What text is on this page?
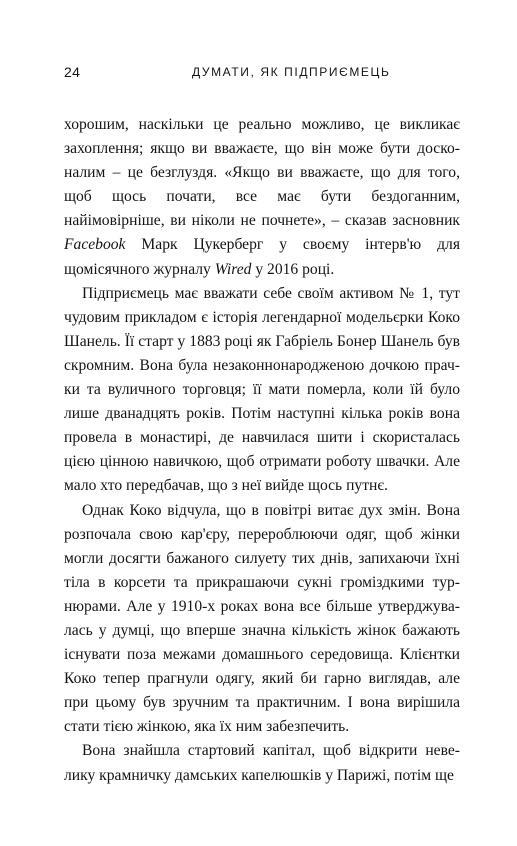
24	ДУМАТИ, ЯК ПІДПРИЄМЕЦЬ

хорошим, наскільки це реально можливо, це викликає захоплення; якщо ви вважаєте, що він може бути досконалим – це безглуздя. «Якщо ви вважаєте, що для того, щоб щось почати, все має бути бездоганним, найімовірніше, ви ніколи не почнете», – сказав засновник Facebook Марк Цукерберг у своєму інтерв'ю для щомісячного журналу Wired у 2016 році.

Підприємець має вважати себе своїм активом № 1, тут чудовим прикладом є історія легендарної модельєрки Коко Шанель. Її старт у 1883 році як Габріель Бонер Шанель був скромним. Вона була незаконнонародженою дочкою прачки та вуличного торговця; її мати померла, коли їй було лише дванадцять років. Потім наступні кілька років вона провела в монастирі, де навчилася шити і скористалась цією цінною навичкою, щоб отримати роботу швачки. Але мало хто передбачав, що з неї вийде щось путнє.

Однак Коко відчула, що в повітрі витає дух змін. Вона розпочала свою кар'єру, перероблюючи одяг, щоб жінки могли досягти бажаного силуету тих днів, запихаючи їхні тіла в корсети та прикрашаючи сукні громіздкими турнюрами. Але у 1910-х роках вона все більше утверджувалась у думці, що вперше значна кількість жінок бажають існувати поза межами домашнього середовища. Клієнтки Коко тепер прагнули одягу, який би гарно виглядав, але при цьому був зручним та практичним. І вона вирішила стати тією жінкою, яка їх ним забезпечить.

Вона знайшла стартовий капітал, щоб відкрити невелику крамничку дамських капелюшків у Парижі, потім ще
